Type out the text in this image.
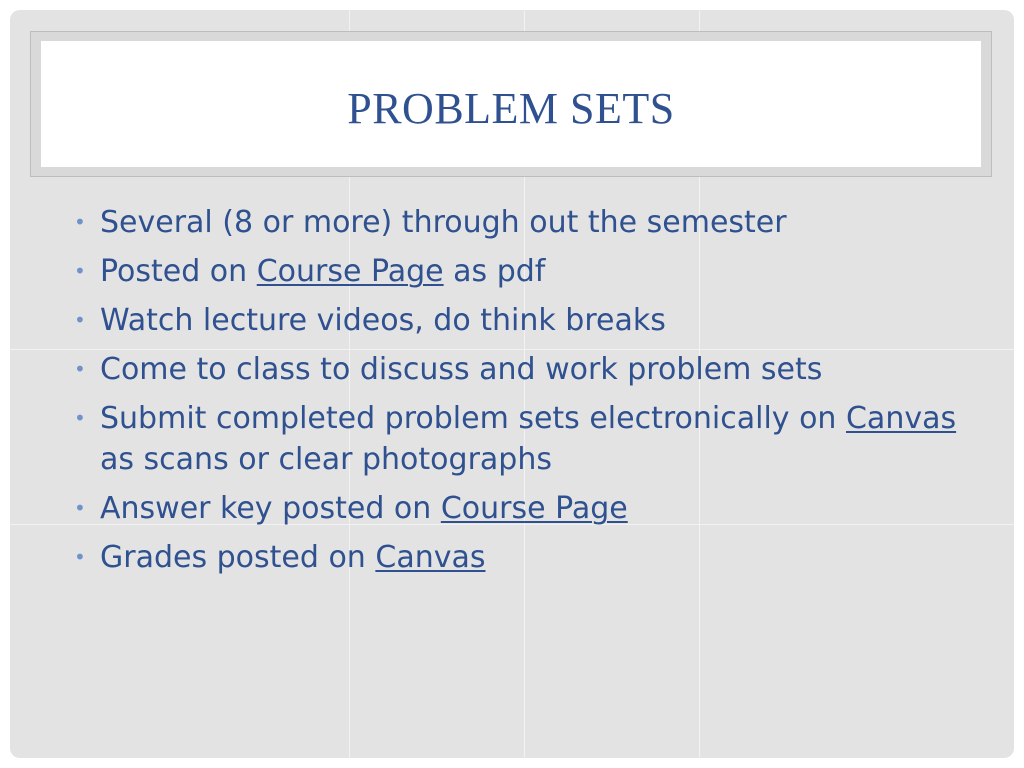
PROBLEM SETS
• Several (8 or more) through out the semester
• Posted on Course Page as pdf
• Watch lecture videos, do think breaks
• Come to class to discuss and work problem sets
• Submit completed problem sets electronically on Canvas as scans or clear photographs
• Answer key posted on Course Page
• Grades posted on Canvas
